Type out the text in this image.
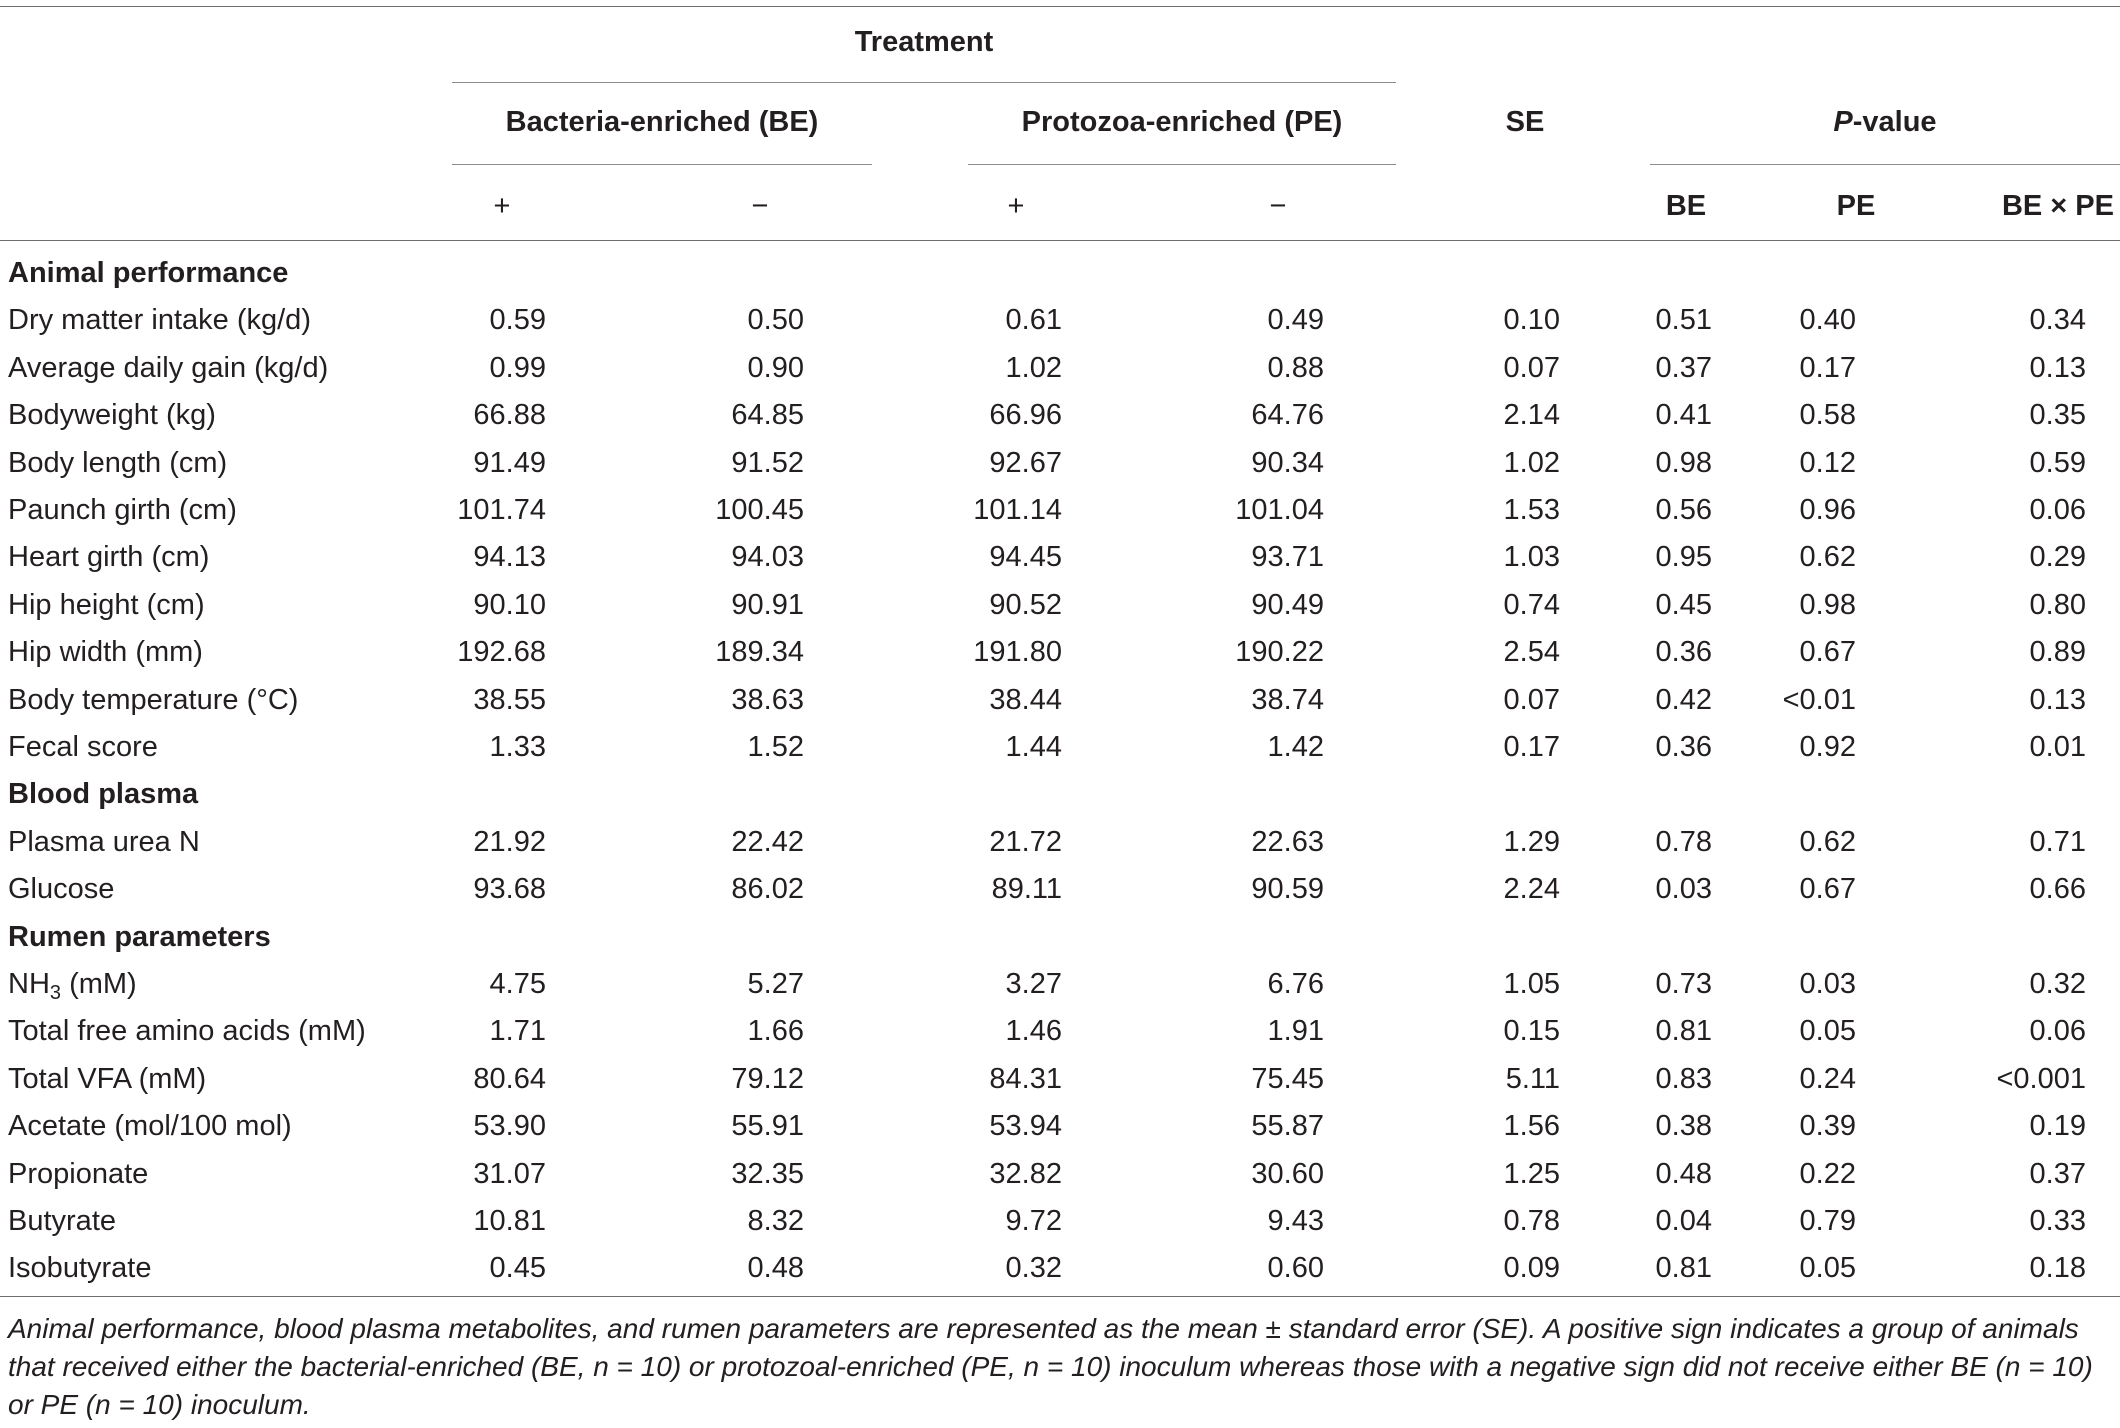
Treatment
Bacteria-enriched (BE)	Protozoa-enriched (PE)	SE	P-value
+	−	+	−	BE	PE	BE × PE
Animal performance
Dry matter intake (kg/d)	0.59	0.50	0.61	0.49	0.10	0.51	0.40	0.34
Average daily gain (kg/d)	0.99	0.90	1.02	0.88	0.07	0.37	0.17	0.13
Bodyweight (kg)	66.88	64.85	66.96	64.76	2.14	0.41	0.58	0.35
Body length (cm)	91.49	91.52	92.67	90.34	1.02	0.98	0.12	0.59
Paunch girth (cm)	101.74	100.45	101.14	101.04	1.53	0.56	0.96	0.06
Heart girth (cm)	94.13	94.03	94.45	93.71	1.03	0.95	0.62	0.29
Hip height (cm)	90.10	90.91	90.52	90.49	0.74	0.45	0.98	0.80
Hip width (mm)	192.68	189.34	191.80	190.22	2.54	0.36	0.67	0.89
Body temperature (°C)	38.55	38.63	38.44	38.74	0.07	0.42	<0.01	0.13
Fecal score	1.33	1.52	1.44	1.42	0.17	0.36	0.92	0.01
Blood plasma
Plasma urea N	21.92	22.42	21.72	22.63	1.29	0.78	0.62	0.71
Glucose	93.68	86.02	89.11	90.59	2.24	0.03	0.67	0.66
Rumen parameters
$NH_3$ (mM)	4.75	5.27	3.27	6.76	1.05	0.73	0.03	0.32
Total free amino acids (mM)	1.71	1.66	1.46	1.91	0.15	0.81	0.05	0.06
Total VFA (mM)	80.64	79.12	84.31	75.45	5.11	0.83	0.24	<0.001
Acetate (mol/100 mol)	53.90	55.91	53.94	55.87	1.56	0.38	0.39	0.19
Propionate	31.07	32.35	32.82	30.60	1.25	0.48	0.22	0.37
Butyrate	10.81	8.32	9.72	9.43	0.78	0.04	0.79	0.33
Isobutyrate	0.45	0.48	0.32	0.60	0.09	0.81	0.05	0.18
Animal performance, blood plasma metabolites, and rumen parameters are represented as the mean ± standard error (SE). A positive sign indicates a group of animals that received either the bacterial-enriched (BE, n = 10) or protozoal-enriched (PE, n = 10) inoculum whereas those with a negative sign did not receive either BE (n = 10) or PE (n = 10) inoculum.
